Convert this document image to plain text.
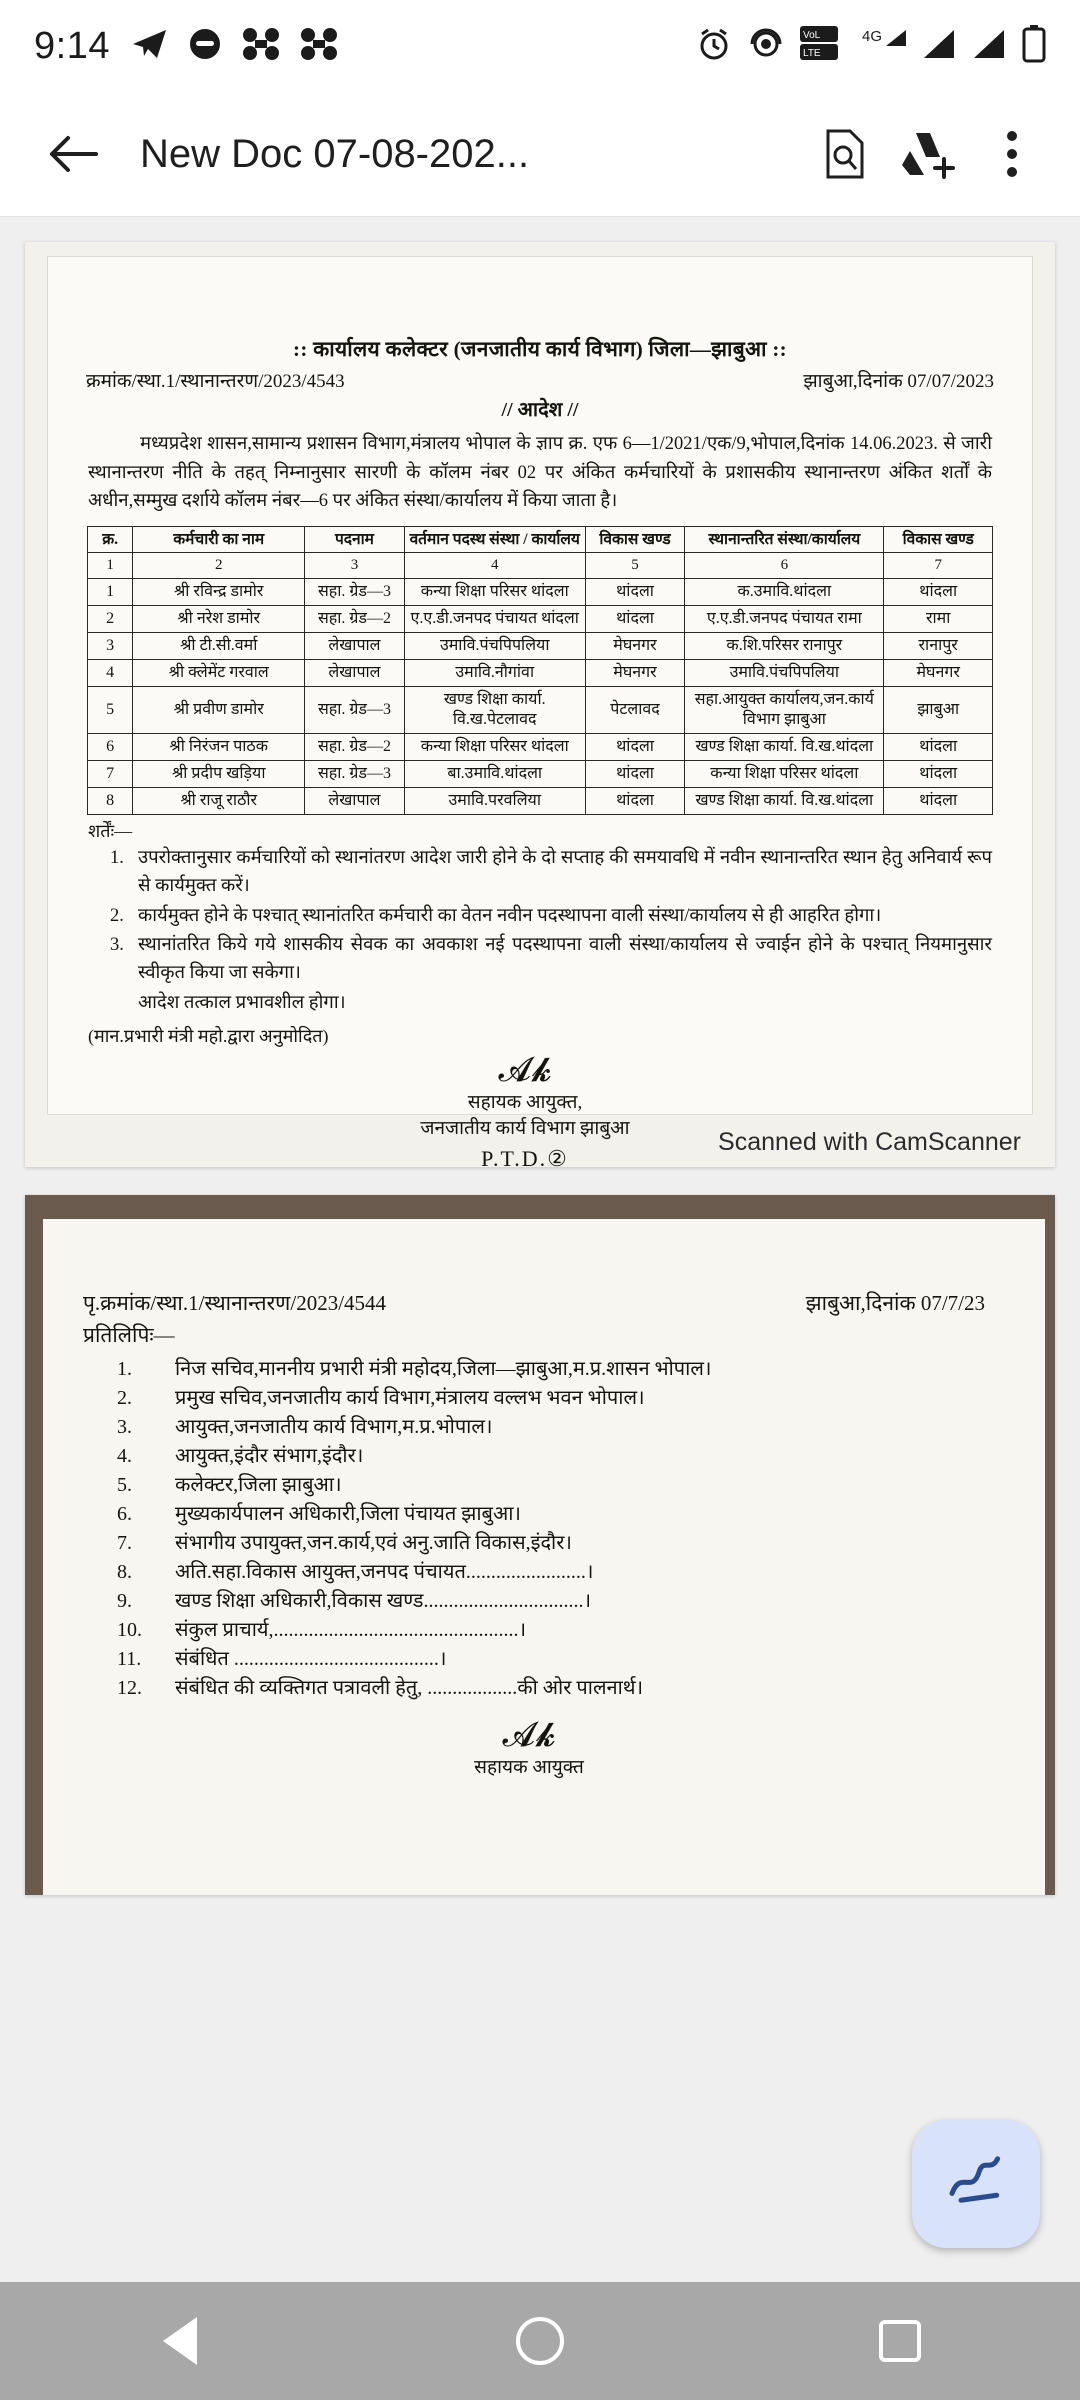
9:14	VoL
LTE
1
2
4G
New Doc 07-08-202...
:: कार्यालय कलेक्टर (जनजातीय कार्य विभाग) जिला—झाबुआ ::
क्रमांक/स्था.1/स्थानान्तरण/2023/4543	झाबुआ,दिनांक 07/07/2023
// आदेश //
मध्यप्रदेश शासन,सामान्य प्रशासन विभाग,मंत्रालय भोपाल के ज्ञाप क्र. एफ 6—1/2021/एक/9,भोपाल,दिनांक 14.06.2023. से जारी स्थानान्तरण नीति के तहत् निम्नानुसार सारणी के कॉलम नंबर 02 पर अंकित कर्मचारियों के प्रशासकीय स्थानान्तरण अंकित शर्तों के अधीन,सम्मुख दर्शाये कॉलम नंबर—6 पर अंकित संस्था/कार्यालय में किया जाता है।
क्र.	कर्मचारी का नाम	पदनाम	वर्तमान पदस्थ संस्था / कार्यालय	विकास खण्ड	स्थानान्तरित संस्था/कार्यालय	विकास खण्ड
1	2	3	4	5	6	7
1	श्री रविन्द्र डामोर	सहा. ग्रेड—3	कन्या शिक्षा परिसर थांदला	थांदला	क.उमावि.थांदला	थांदला
2	श्री नरेश डामोर	सहा. ग्रेड—2	ए.ए.डी.जनपद पंचायत थांदला	थांदला	ए.ए.डी.जनपद पंचायत रामा	रामा
3	श्री टी.सी.वर्मा	लेखापाल	उमावि.पंचपिपलिया	मेघनगर	क.शि.परिसर रानापुर	रानापुर
4	श्री क्लेमेंट गरवाल	लेखापाल	उमावि.नौगांवा	मेघनगर	उमावि.पंचपिपलिया	मेघनगर
5	श्री प्रवीण डामोर	सहा. ग्रेड—3	खण्ड शिक्षा कार्या. वि.ख.पेटलावद	पेटलावद	सहा.आयुक्त कार्यालय,जन.कार्य विभाग झाबुआ	झाबुआ
6	श्री निरंजन पाठक	सहा. ग्रेड—2	कन्या शिक्षा परिसर थांदला	थांदला	खण्ड शिक्षा कार्या. वि.ख.थांदला	थांदला
7	श्री प्रदीप खड़िया	सहा. ग्रेड—3	बा.उमावि.थांदला	थांदला	कन्या शिक्षा परिसर थांदला	थांदला
8	श्री राजू राठौर	लेखापाल	उमावि.परवलिया	थांदला	खण्ड शिक्षा कार्या. वि.ख.थांदला	थांदला
शर्तेंः—
1. उपरोक्तानुसार कर्मचारियों को स्थानांतरण आदेश जारी होने के दो सप्ताह की समयावधि में नवीन स्थानान्तरित स्थान हेतु अनिवार्य रूप से कार्यमुक्त करें।
2. कार्यमुक्त होने के पश्चात् स्थानांतरित कर्मचारी का वेतन नवीन पदस्थापना वाली संस्था/कार्यालय से ही आहरित होगा।
3. स्थानांतरित किये गये शासकीय सेवक का अवकाश नई पदस्थापना वाली संस्था/कार्यालय से ज्वाईन होने के पश्चात् नियमानुसार स्वीकृत किया जा सकेगा।
आदेश तत्काल प्रभावशील होगा।
(मान.प्रभारी मंत्री महो.द्वारा अनुमोदित)
𝓐𝓴
सहायक आयुक्त,
जनजातीय कार्य विभाग झाबुआ
P.T.D.②
Scanned with CamScanner
पृ.क्रमांक/स्था.1/स्थानान्तरण/2023/4544	झाबुआ,दिनांक 07/7/23
प्रतिलिपिः—
1.	निज सचिव,माननीय प्रभारी मंत्री महोदय,जिला—झाबुआ,म.प्र.शासन भोपाल।
2.	प्रमुख सचिव,जनजातीय कार्य विभाग,मंत्रालय वल्लभ भवन भोपाल।
3.	आयुक्त,जनजातीय कार्य विभाग,म.प्र.भोपाल।
4.	आयुक्त,इंदौर संभाग,इंदौर।
5.	कलेक्टर,जिला झाबुआ।
6.	मुख्यकार्यपालन अधिकारी,जिला पंचायत झाबुआ।
7.	संभागीय उपायुक्त,जन.कार्य,एवं अनु.जाति विकास,इंदौर।
8.	अति.सहा.विकास आयुक्त,जनपद पंचायत........................।
9.	खण्ड शिक्षा अधिकारी,विकास खण्ड................................।
10.	संकुल प्राचार्य,.................................................।
11.	संबंधित .........................................।
12.	संबंधित की व्यक्तिगत पत्रावली हेतु, ..................की ओर पालनार्थ।
𝓐𝓴
सहायक आयुक्त
